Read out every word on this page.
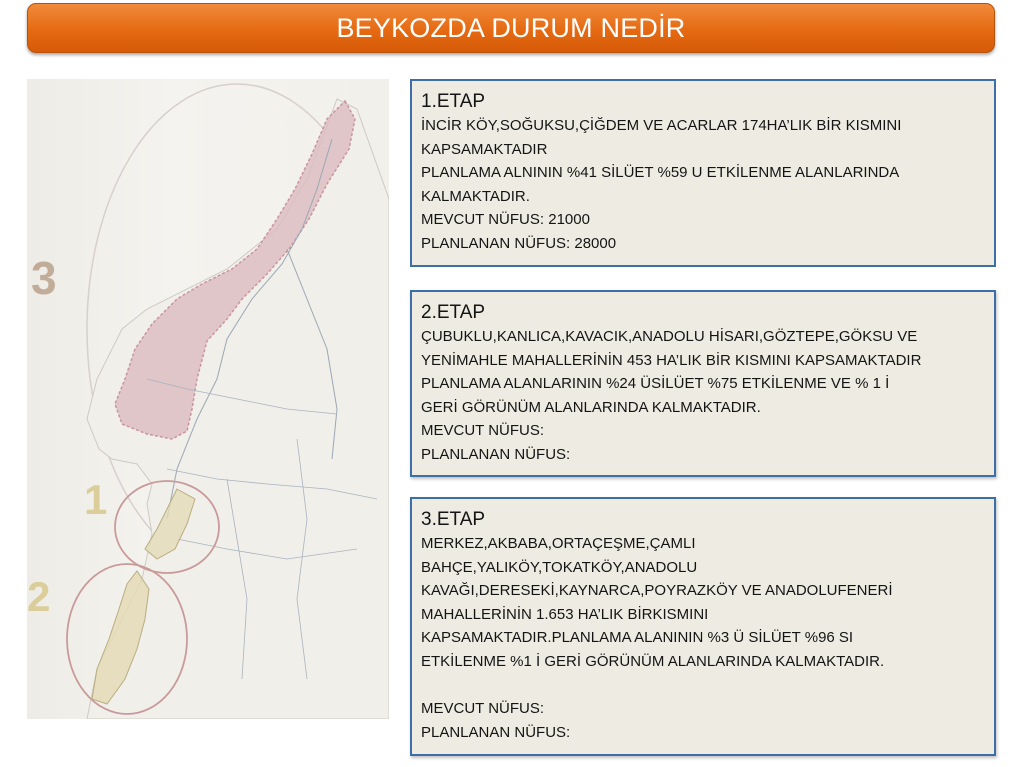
BEYKOZDA DURUM NEDİR
3
1
2
1.ETAP
İNCİR KÖY,SOĞUKSU,ÇİĞDEM VE ACARLAR 174HA’LIK BİR KISMINI
KAPSAMAKTADIR
PLANLAMA ALNININ %41 SİLÜET %59 U ETKİLENME ALANLARINDA
KALMAKTADIR.
MEVCUT NÜFUS: 21000
PLANLANAN NÜFUS: 28000
2.ETAP
ÇUBUKLU,KANLICA,KAVACIK,ANADOLU HİSARI,GÖZTEPE,GÖKSU VE
YENİMAHLE MAHALLERİNİN 453 HA’LIK BİR KISMINI KAPSAMAKTADIR
PLANLAMA ALANLARININ %24 ÜSİLÜET %75 ETKİLENME VE % 1 İ
GERİ GÖRÜNÜM ALANLARINDA KALMAKTADIR.
MEVCUT NÜFUS:
PLANLANAN NÜFUS:
3.ETAP
MERKEZ,AKBABA,ORTAÇEŞME,ÇAMLI
BAHÇE,YALIKÖY,TOKATKÖY,ANADOLU
KAVAĞI,DERESEKİ,KAYNARCA,POYRAZKÖY VE ANADOLUFENERİ
MAHALLERİNİN 1.653 HA’LIK BİRKISMINI
KAPSAMAKTADIR.PLANLAMA ALANININ %3 Ü SİLÜET %96 SI
ETKİLENME %1 İ GERİ GÖRÜNÜM ALANLARINDA KALMAKTADIR.
MEVCUT NÜFUS:
PLANLANAN NÜFUS:
